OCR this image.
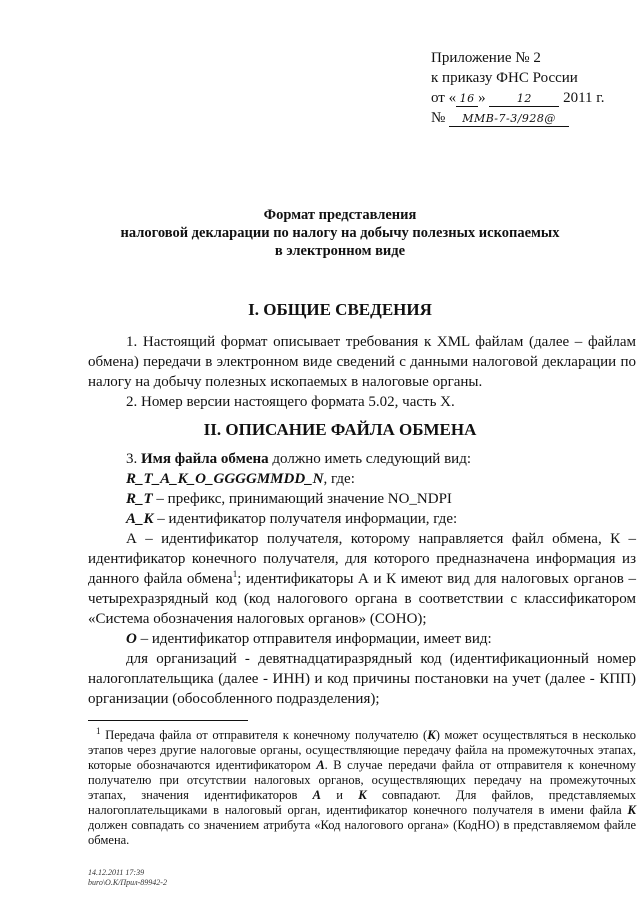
Приложение № 2
к приказу ФНС России
от « 16 »	12 2011 г.
№ ММВ-7-3/928@
Формат представления
налоговой декларации по налогу на добычу полезных ископаемых
в электронном виде
I. ОБЩИЕ СВЕДЕНИЯ

1. Настоящий формат описывает требования к XML файлам (далее – файлам обмена) передачи в электронном виде сведений с данными налоговой декларации по налогу на добычу полезных ископаемых в налоговые органы.

2. Номер версии настоящего формата 5.02, часть X.

II. ОПИСАНИЕ ФАЙЛА ОБМЕНА

3. Имя файла обмена должно иметь следующий вид:

R_T_A_K_O_GGGGMMDD_N, где:

R_T – префикс, принимающий значение NO_NDPI

A_K – идентификатор получателя информации, где:

А – идентификатор получателя, которому направляется файл обмена, К – идентификатор конечного получателя, для которого предназначена информация из данного файла обмена$^1$; идентификаторы А и К имеют вид для налоговых органов – четырехразрядный код (код налогового органа в соответствии с классификатором «Система обозначения налоговых органов» (СОНО);

O – идентификатор отправителя информации, имеет вид:

для организаций - девятнадцатиразрядный код (идентификационный номер налогоплательщика (далее - ИНН) и код причины постановки на учет (далее - КПП) организации (обособленного подразделения);

$^1$ Передача файла от отправителя к конечному получателю (К) может осуществляться в несколько этапов через другие налоговые органы, осуществляющие передачу файла на промежуточных этапах, которые обозначаются идентификатором А. В случае передачи файла от отправителя к конечному получателю при отсутствии налоговых органов, осуществляющих передачу на промежуточных этапах, значения идентификаторов А и К совпадают. Для файлов, представляемых налогоплательщиками в налоговый орган, идентификатор конечного получателя в имени файла К должен совпадать со значением атрибута «Код налогового органа» (КодНО) в представляемом файле обмена.

14.12.2011 17:39
buro\O.K/Прил-89942-2
